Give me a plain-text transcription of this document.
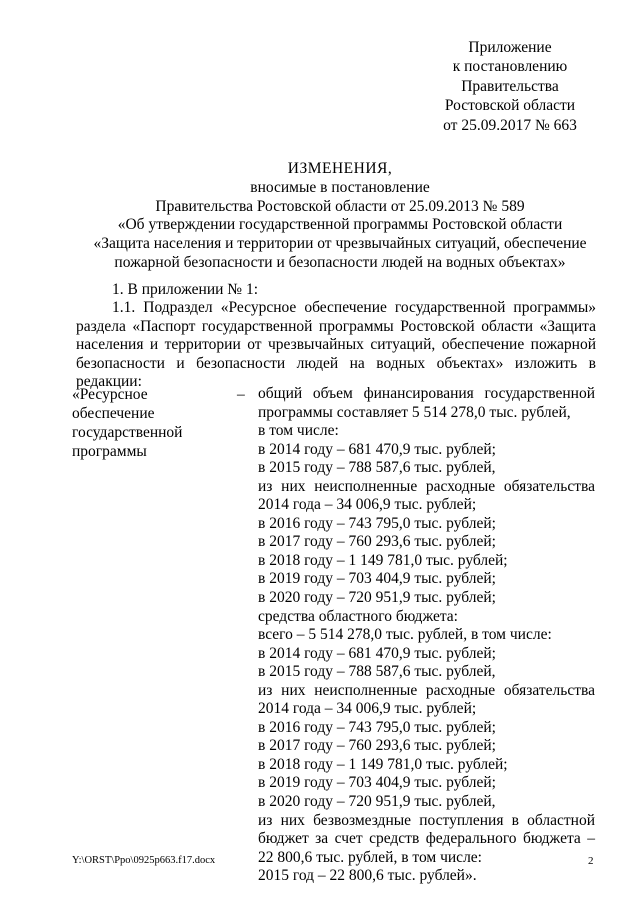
Приложение
к постановлению
Правительства
Ростовской области
от 25.09.2017 № 663
ИЗМЕНЕНИЯ,
вносимые в постановление
Правительства Ростовской области от 25.09.2013 № 589
«Об утверждении государственной программы Ростовской области
«Защита населения и территории от чрезвычайных ситуаций, обеспечение
пожарной безопасности и безопасности людей на водных объектах»
1. В приложении № 1:
1.1. Подраздел «Ресурсное обеспечение государственной программы» раздела «Паспорт государственной программы Ростовской области «Защита населения и территории от чрезвычайных ситуаций, обеспечение пожарной безопасности и безопасности людей на водных объектах» изложить в редакции:
«Ресурсное
обеспечение
государственной
программы
– общий объем финансирования государственной
программы составляет 5 514 278,0 тыс. рублей,
в том числе:
в 2014 году – 681 470,9 тыс. рублей;
в 2015 году – 788 587,6 тыс. рублей,
из них неисполненные расходные обязательства
2014 года – 34 006,9 тыс. рублей;
в 2016 году – 743 795,0 тыс. рублей;
в 2017 году – 760 293,6 тыс. рублей;
в 2018 году – 1 149 781,0 тыс. рублей;
в 2019 году – 703 404,9 тыс. рублей;
в 2020 году – 720 951,9 тыс. рублей;
средства областного бюджета:
всего – 5 514 278,0 тыс. рублей, в том числе:
в 2014 году – 681 470,9 тыс. рублей;
в 2015 году – 788 587,6 тыс. рублей,
из них неисполненные расходные обязательства
2014 года – 34 006,9 тыс. рублей;
в 2016 году – 743 795,0 тыс. рублей;
в 2017 году – 760 293,6 тыс. рублей;
в 2018 году – 1 149 781,0 тыс. рублей;
в 2019 году – 703 404,9 тыс. рублей;
в 2020 году – 720 951,9 тыс. рублей,
из них безвозмездные поступления в областной
бюджет за счет средств федерального бюджета –
22 800,6 тыс. рублей, в том числе:
2015 год – 22 800,6 тыс. рублей».
Y:\ORST\Ppo\0925p663.f17.docx	2
